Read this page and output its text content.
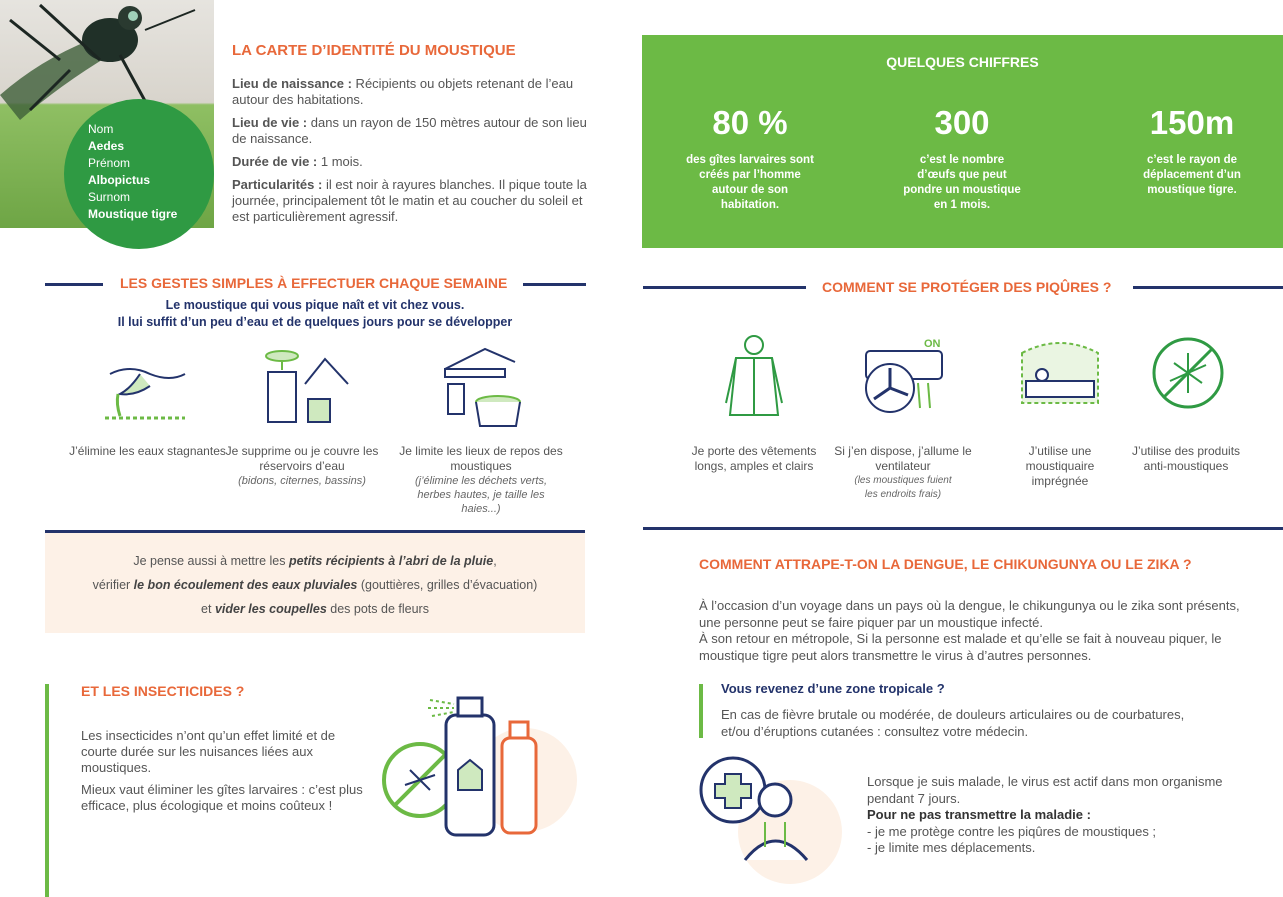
Nom
Aedes
Prénom
Albopictus
Surnom
Moustique tigre
LA CARTE D’IDENTITÉ DU MOUSTIQUE

Lieu de naissance : Récipients ou objets retenant de l’eau autour des habitations.

Lieu de vie : dans un rayon de 150 mètres autour de son lieu de naissance.

Durée de vie : 1 mois.

Particularités : il est noir à rayures blanches. Il pique toute la journée, principalement tôt le matin et au coucher du soleil et est particulièrement agressif.

QUELQUES CHIFFRES
80 %
des gîtes larvaires sont créés par l’homme autour de son habitation.
300
c’est le nombre d’œufs que peut pondre un moustique en 1 mois.
150m
c’est le rayon de déplacement d’un moustique tigre.
LES GESTES SIMPLES À EFFECTUER CHAQUE SEMAINE
Le moustique qui vous pique naît et vit chez vous.
Il lui suffit d’un peu d’eau et de quelques jours pour se développer
J’élimine les eaux stagnantes Je supprime ou je couvre les réservoirs d’eau
(bidons, citernes, bassins)
Je limite les lieux de repos des moustiques
(j’élimine les déchets verts, herbes hautes, je taille les haies...)
Je pense aussi à mettre les petits récipients à l’abri de la pluie,
vérifier le bon écoulement des eaux pluviales (gouttières, grilles d’évacuation)
et vider les coupelles des pots de fleurs
ET LES INSECTICIDES ?

Les insecticides n’ont qu’un effet limité et de courte durée sur les nuisances liées aux moustiques.

Mieux vaut éliminer les gîtes larvaires : c’est plus efficace, plus écologique et moins coûteux !

COMMENT SE PROTÉGER DES PIQÛRES ?
ON
Je porte des vêtements longs, amples et clairs
Si j’en dispose, j’allume le ventilateur
(les moustiques fuient les endroits frais)
J’utilise une moustiquaire imprégnée
J’utilise des produits anti-moustiques
COMMENT ATTRAPE-T-ON LA DENGUE, LE CHIKUNGUNYA OU LE ZIKA ?
À l’occasion d’un voyage dans un pays où la dengue, le chikungunya ou le zika sont présents, une personne peut se faire piquer par un moustique infecté.
À son retour en métropole, Si la personne est malade et qu’elle se fait à nouveau piquer, le moustique tigre peut alors transmettre le virus à d’autres personnes.
Vous revenez d’une zone tropicale ?
En cas de fièvre brutale ou modérée, de douleurs articulaires ou de courbatures, et/ou d’éruptions cutanées : consultez votre médecin.
Lorsque je suis malade, le virus est actif dans mon organisme pendant 7 jours.
Pour ne pas transmettre la maladie :
- je me protège contre les piqûres de moustiques ;
- je limite mes déplacements.
